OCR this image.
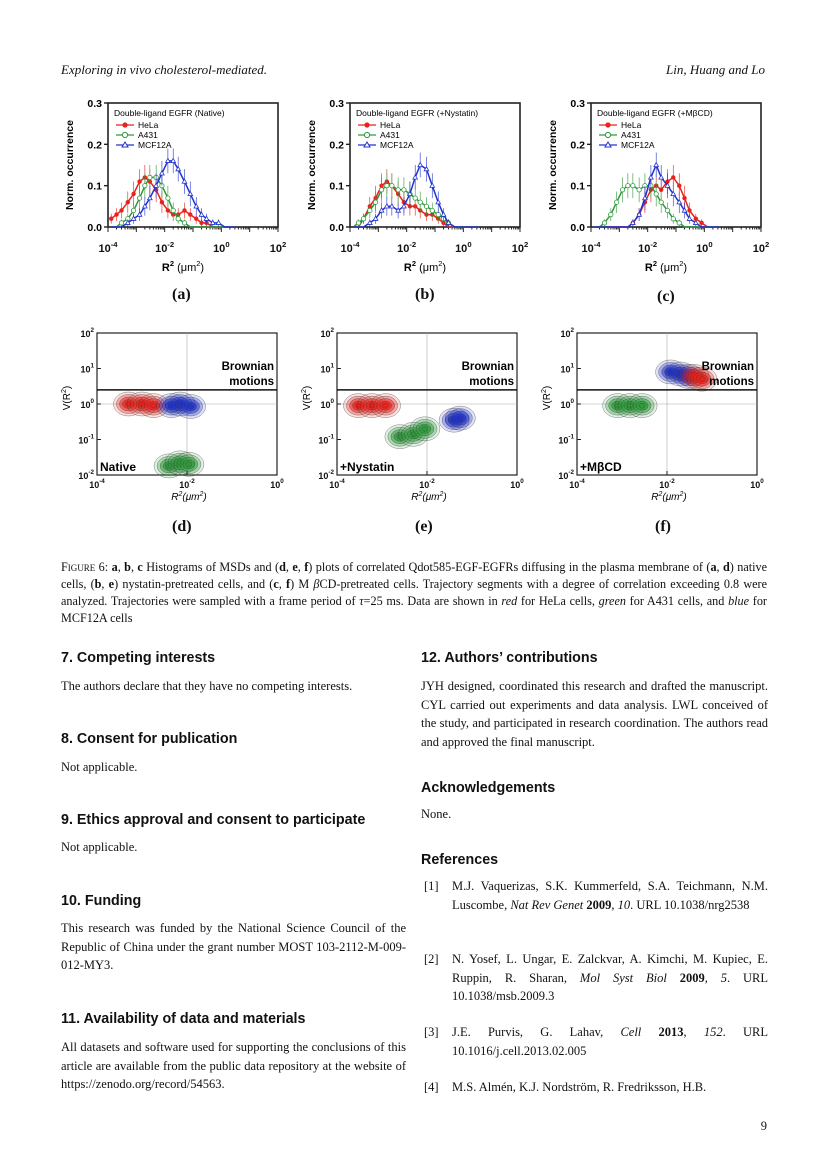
Exploring in vivo cholesterol-mediated.	Lin, Huang and Lo
Norm. occurrence
0.3
0.2
0.1
0.0
$10^{-4}$	$10^{-2}$	$10^0$	$10^2$
$R^2$ $(\mu m^2)$
Double-ligand EGFR (Native)
HeLa
A431
MCF12A	Norm. occurrence
0.3
0.2
0.1
0.0
$10^{-4}$	$10^{-2}$	$10^0$	$10^2$
$R^2$ $(\mu m^2)$
Double-ligand EGFR (+Nystatin)
HeLa
A431
MCF12A	Norm. occurrence
0.3
0.2
0.1
0.0
$10^{-4}$	$10^{-2}$	$10^0$	$10^2$
$R^2$ $(\mu m^2)$
Double-ligand EGFR (+MβCD)
HeLa
A431
MCF12A
(a)	(b)	(c)
Brownian
motions
Native
$10^2$
$10^1$
$10^0$
$10^{-1}$
$10^{-2}$
$10^{-4}$	$10^{-2}$	$10^0$
$V(R^2)$
$R^2(\mu m^2)$
Brownian
motions
+Nystatin
$10^2$
$10^1$
$10^0$
$10^{-1}$
$10^{-2}$
$10^{-4}$	$10^{-2}$	$10^0$
$V(R^2)$
$R^2(\mu m^2)$
Brownian
motions
+MβCD
$10^2$
$10^1$
$10^0$
$10^{-1}$
$10^{-2}$
$10^{-4}$	$10^{-2}$	$10^0$
$V(R^2)$
$R^2(\mu m^2)$
(d)	(e)	(f)
Figure 6: a, b, c Histograms of MSDs and (d, e, f) plots of correlated Qdot585-EGF-EGFRs diffusing in the plasma membrane of (a, d) native cells, (b, e) nystatin-pretreated cells, and (c, f) M βCD-pretreated cells. Trajectory segments with a degree of correlation exceeding 0.8 were analyzed. Trajectories were sampled with a frame period of τ=25 ms. Data are shown in red for HeLa cells, green for A431 cells, and blue for MCF12A cells
7. Competing interests

The authors declare that they have no competing interests.

8. Consent for publication

Not applicable.

9. Ethics approval and consent to participate

Not applicable.

10. Funding

This research was funded by the National Science Council of the Republic of China under the grant number MOST 103-2112-M-009-012-MY3.

11. Availability of data and materials

All datasets and software used for supporting the conclusions of this article are available from the public data repository at the website of https://zenodo.org/record/54563.

12. Authors’ contributions

JYH designed, coordinated this research and drafted the manuscript. CYL carried out experiments and data analysis. LWL conceived of the study, and participated in research coordination. The authors read and approved the final manuscript.

Acknowledgements

None.

References
[1] M.J. Vaquerizas, S.K. Kummerfeld, S.A. Teichmann, N.M. Luscombe, Nat Rev Genet 2009, 10. URL 10.1038/nrg2538
[2] N. Yosef, L. Ungar, E. Zalckvar, A. Kimchi, M. Kupiec, E. Ruppin, R. Sharan, Mol Syst Biol 2009, 5. URL 10.1038/msb.2009.3
[3] J.E. Purvis, G. Lahav, Cell 2013, 152. URL 10.1016/j.cell.2013.02.005
[4] M.S. Almén, K.J. Nordström, R. Fredriksson, H.B.
9
